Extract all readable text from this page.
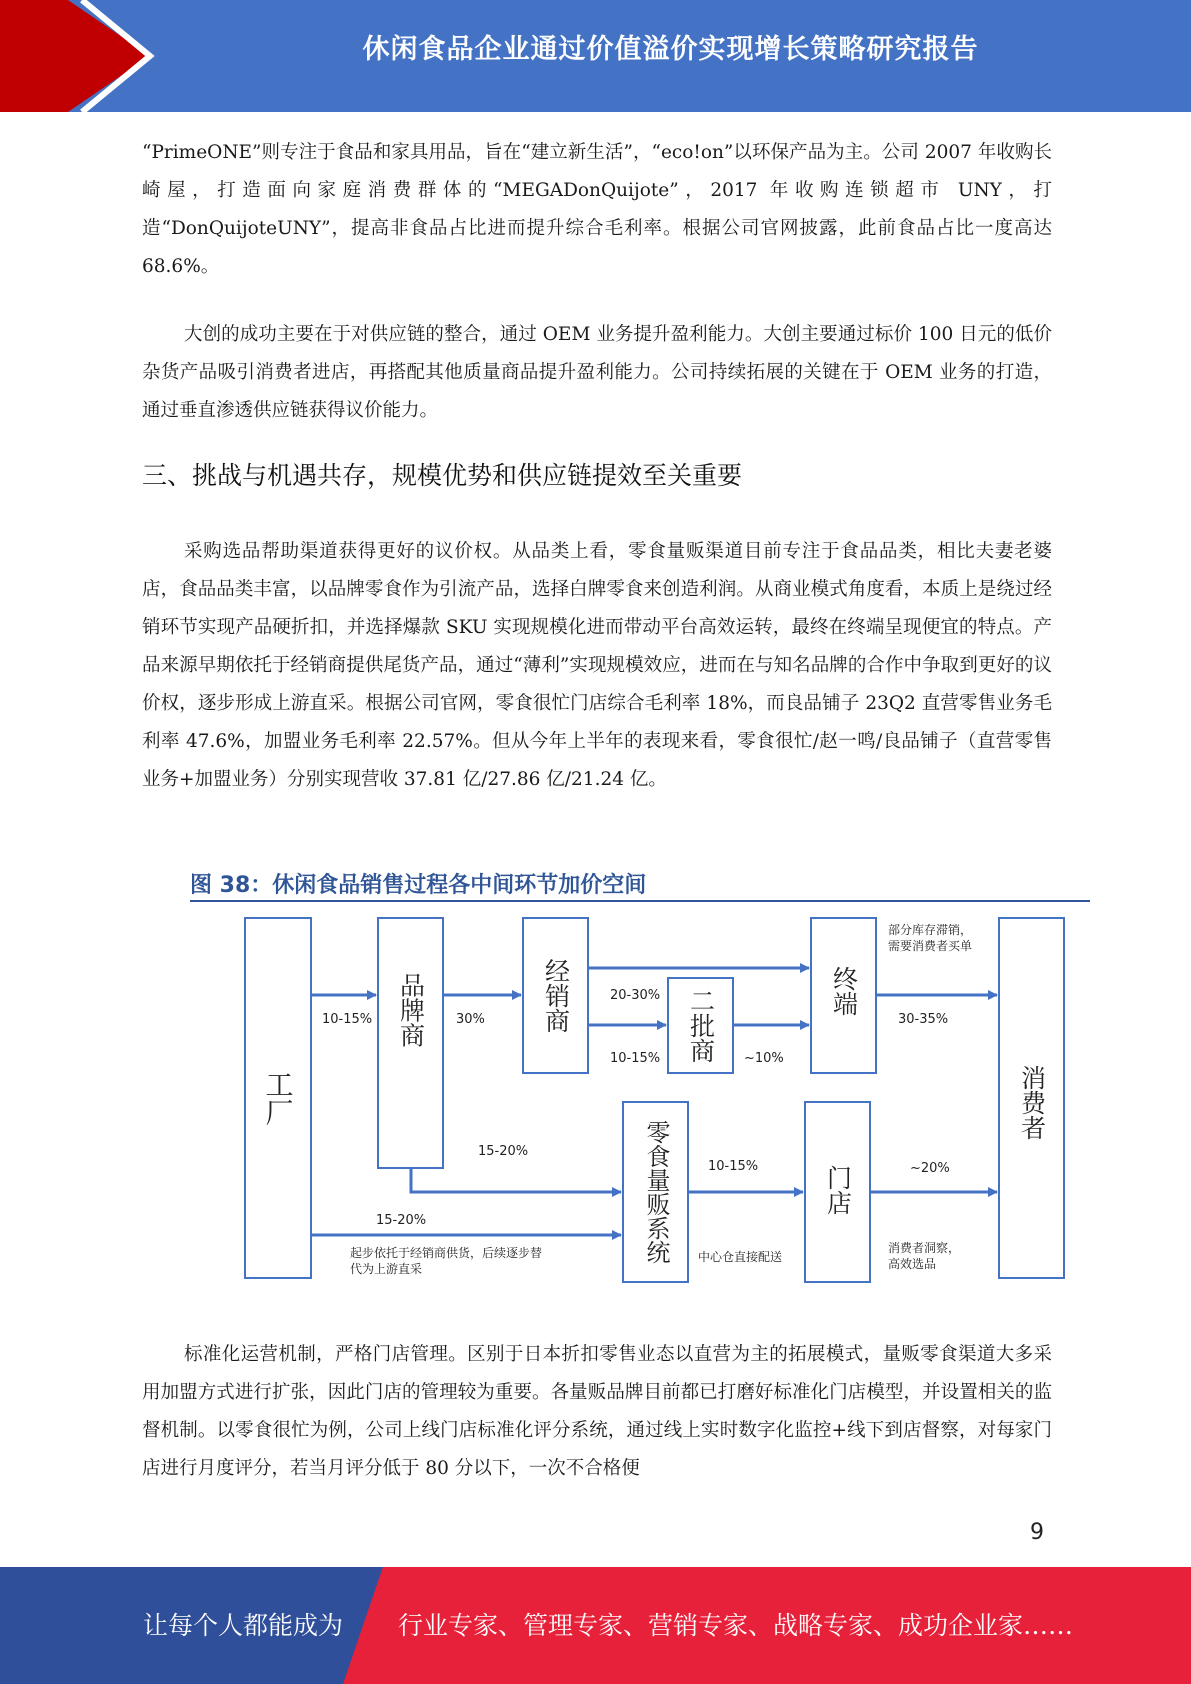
休闲食品企业通过价值溢价实现增长策略研究报告

“PrimeONE”则专注于食品和家具用品，旨在“建立新生活”，“eco!on”以环保产品为主。公司 2007 年收购长崎屋，打造面向家庭消费群体的“MEGADonQuijote”，2017 年收购连锁超市 UNY，打造“DonQuijoteUNY”，提高非食品占比进而提升综合毛利率。根据公司官网披露，此前食品占比一度高达 68.6%。

大创的成功主要在于对供应链的整合，通过 OEM 业务提升盈利能力。大创主要通过标价 100 日元的低价杂货产品吸引消费者进店，再搭配其他质量商品提升盈利能力。公司持续拓展的关键在于 OEM 业务的打造，通过垂直渗透供应链获得议价能力。

三、挑战与机遇共存，规模优势和供应链提效至关重要

采购选品帮助渠道获得更好的议价权。从品类上看，零食量贩渠道目前专注于食品品类，相比夫妻老婆店，食品品类丰富，以品牌零食作为引流产品，选择白牌零食来创造利润。从商业模式角度看，本质上是绕过经销环节实现产品硬折扣，并选择爆款 SKU 实现规模化进而带动平台高效运转，最终在终端呈现便宜的特点。产品来源早期依托于经销商提供尾货产品，通过“薄利”实现规模效应，进而在与知名品牌的合作中争取到更好的议价权，逐步形成上游直采。根据公司官网，零食很忙门店综合毛利率 18%，而良品铺子 23Q2 直营零售业务毛利率 47.6%，加盟业务毛利率 22.57%。但从今年上半年的表现来看，零食很忙/赵一鸣/良品铺子（直营零售业务+加盟业务）分别实现营收 37.81 亿/27.86 亿/21.24 亿。

图 38：休闲食品销售过程各中间环节加价空间
工厂
品牌商	经销商	二批商	终端
零食量贩系统	门店
消费者
10-15%	30%
20-30%
10-15%	~10%
30-35%
部分库存滞销，
需要消费者买单
15-20%
15-20%
起步依托于经销商供货，后续逐步替
代为上游直采
10-15%
中心仓直接配送
~20%
消费者洞察，
高效选品

标准化运营机制，严格门店管理。区别于日本折扣零售业态以直营为主的拓展模式，量贩零食渠道大多采用加盟方式进行扩张，因此门店的管理较为重要。各量贩品牌目前都已打磨好标准化门店模型，并设置相关的监督机制。以零食很忙为例，公司上线门店标准化评分系统，通过线上实时数字化监控+线下到店督察，对每家门店进行月度评分，若当月评分低于 80 分以下，一次不合格便

9
让每个人都能成为 行业专家、管理专家、营销专家、战略专家、成功企业家……
